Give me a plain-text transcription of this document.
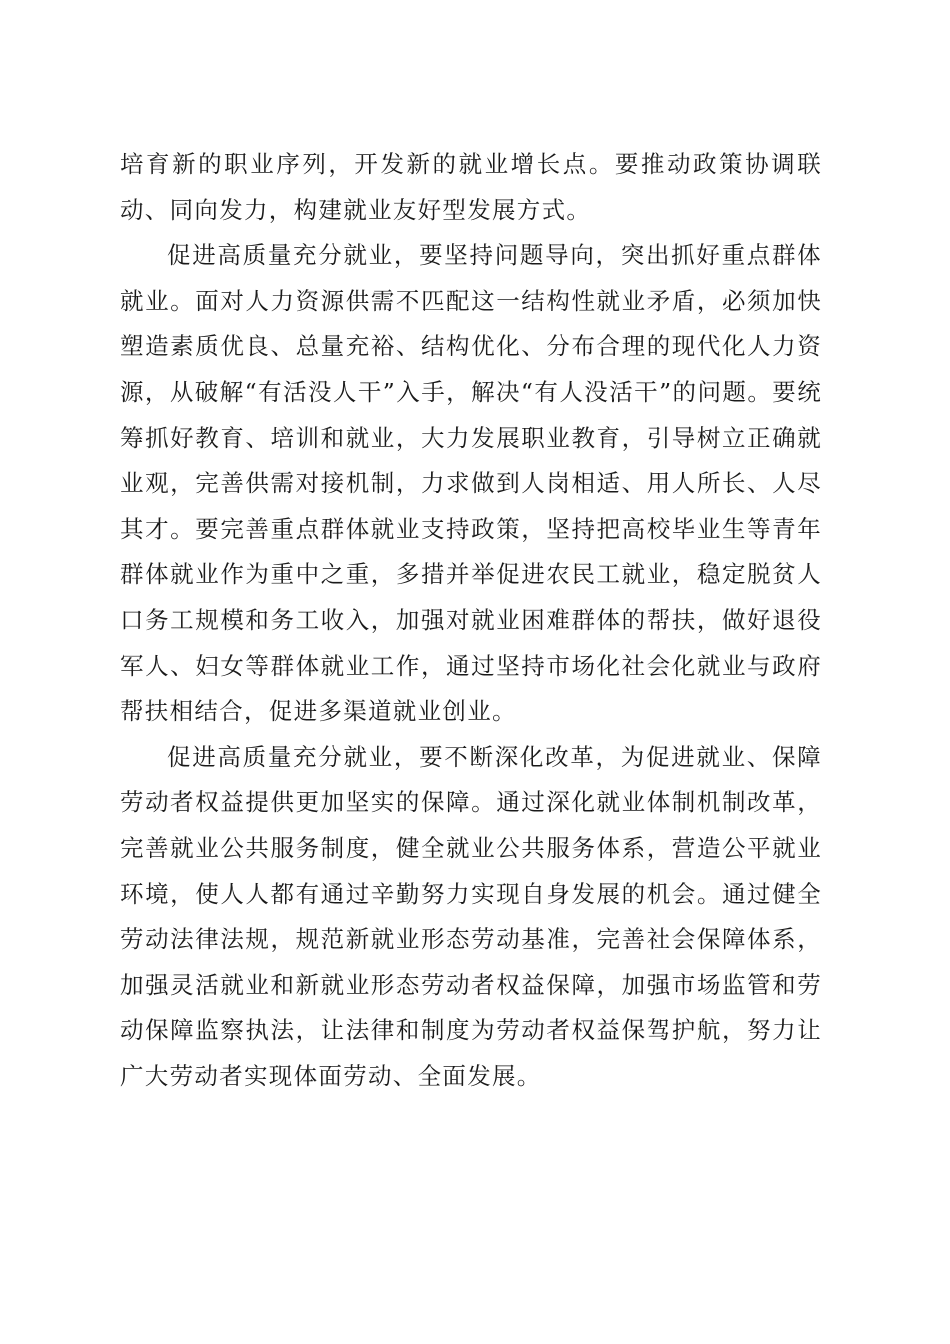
培育新的职业序列，开发新的就业增长点。要推动政策协调联动、同向发力，构建就业友好型发展方式。

促进高质量充分就业，要坚持问题导向，突出抓好重点群体就业。面对人力资源供需不匹配这一结构性就业矛盾，必须加快塑造素质优良、总量充裕、结构优化、分布合理的现代化人力资源，从破解“有活没人干”入手，解决“有人没活干”的问题。要统筹抓好教育、培训和就业，大力发展职业教育，引导树立正确就业观，完善供需对接机制，力求做到人岗相适、用人所长、人尽其才。要完善重点群体就业支持政策，坚持把高校毕业生等青年群体就业作为重中之重，多措并举促进农民工就业，稳定脱贫人口务工规模和务工收入，加强对就业困难群体的帮扶，做好退役军人、妇女等群体就业工作，通过坚持市场化社会化就业与政府帮扶相结合，促进多渠道就业创业。

促进高质量充分就业，要不断深化改革，为促进就业、保障劳动者权益提供更加坚实的保障。通过深化就业体制机制改革，完善就业公共服务制度，健全就业公共服务体系，营造公平就业环境，使人人都有通过辛勤努力实现自身发展的机会。通过健全劳动法律法规，规范新就业形态劳动基准，完善社会保障体系，加强灵活就业和新就业形态劳动者权益保障，加强市场监管和劳动保障监察执法，让法律和制度为劳动者权益保驾护航，努力让广大劳动者实现体面劳动、全面发展。
